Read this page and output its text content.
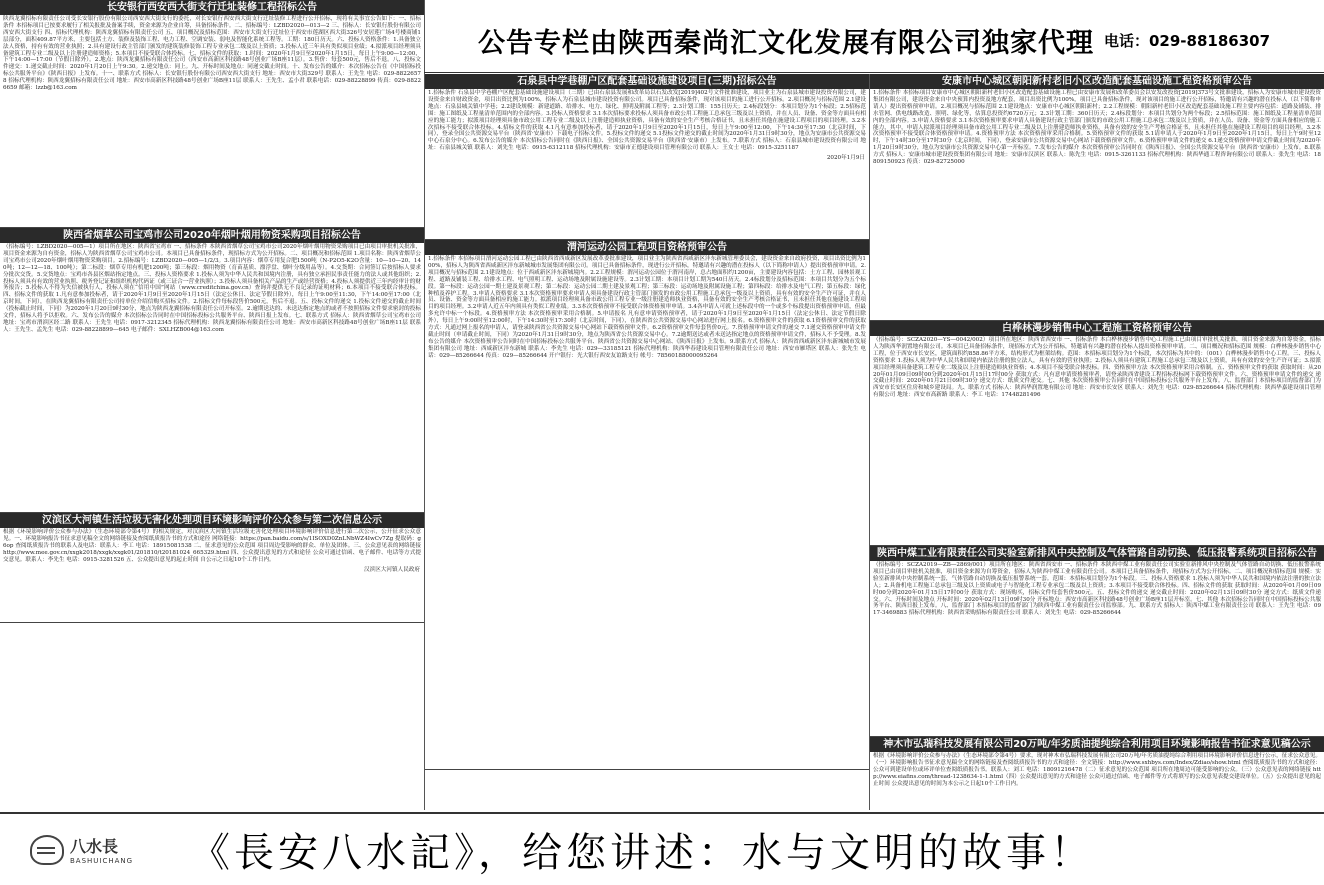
长安银行西安西大街支行迁址装修工程招标公告
陕西龙翼招标有限责任公司受长安银行股份有限公司西安西大街支行的委托，对长安银行西安西大街支行迁址装修工程进行公开招标，现将有关事宜公告如下：一、招标条件 本招标项目已按要求履行了相关报批及备案手续，资金来源为企业自筹，具备招标条件。二、招标编号：LZBD2020—013—2 三、招标人：长安银行股份有限公司西安西大街支行 四、招标代理机构：陕西龙翼招标有限责任公司 五、项目概况及招标范围：西安市大街支行迁址位于西安市莲湖区西大街326号安居莲广场4号楼商铺1层部分，面积409.87平方米，主要包括土方、装修及装饰工程、电力工程、空调安装、弱电及智能化系统工程等。工期：180日历天。六、投标人资格条件：1.具备独立法人资格，持有有效的营业执照；2.具有建设行政主管部门颁发的建筑装修装饰工程专业承包二级及以上资质；3.投标人近三年具有类似项目业绩；4.拟派项目经理须具备建筑工程专业二级及以上注册建造师资格；5.本项目不接受联合体投标。七、招标文件的获取：1.时间：2020年1月9日至2020年1月15日，每日上午9:00—12:00，下午14:00—17:00（节假日除外）。2.地点：陕西龙翼招标有限责任公司（西安市高新区科技路48号创业广场B座11层）。3.售价：每套500元，售后不退。八、投标文件递交：1.递交截止时间：2020年1月20日上午9:30。2.递交地点：同上。九、开标时间及地点：同递交截止时间。十、发布公告的媒介：本次招标公告在《中国招标投标公共服务平台》《陕西日报》上发布。十一、联系方式 招标人：长安银行股份有限公司西安西大街支行 地址：西安市大街329号 联系人：王先生 电话：029-88226578 招标代理机构：陕西龙翼招标有限责任公司 地址：西安市高新区科技路48号创业广场B座11层 联系人：王先生、孟小君 联系电话：029-88228899 传真：029-88226659 邮箱：lzzb@163.com
陕西省烟草公司宝鸡市公司2020年烟叶烟用物资采购项目招标公告
（招标编号：LZBD2020—005—1）项目所在地区：陕西省宝鸡市 一、招标条件 本陕西省烟草公司宝鸡市公司2020年烟叶烟用物资采购项目已由项目审批机关批准，项目资金来源为自有资金，招标人为陕西省烟草公司宝鸡市公司。本项目已具备招标条件，现招标方式为公开招标。二、项目概况和招标范围 1.项目名称：陕西省烟草公司宝鸡市公司2020年烟叶烟用物资采购项目。2.招标编号：LZBD2020—005—1/2/3。3.项目内容：烟草专用复合肥1500吨（N-P2O5-K2O含量：10—10—20、140吨；12—12—18、100吨）；第二标段：烟草专用有机肥1200吨；第三标段：烟用物资（育苗基质、漂浮盘、烟叶分级用品等）。4.交货期：合同签订后按招标人要求分批次交货。5.交货地点：宝鸡市各县区烟站指定地点。三、投标人资格要求 1.投标人须为中华人民共和国境内注册，具有独立承担民事责任能力的法人或其他组织；2.投标人须具有有效的营业执照、税务登记证和组织机构代码证（或三证合一营业执照）；3.投标人须具备相关产品的生产或经营资格；4.投标人须提供近三年内经审计的财务报告；5.投标人不得为失信被执行人，投标人须在“信用中国”网站（www.creditchina.gov.cn）查询并提供无不良记录的证明材料；6.本项目不接受联合体投标。四、招标文件的获取 1.凡有意参加投标者，请于2020年1月9日至2020年1月15日（法定公休日、法定节假日除外），每日上午9:00至11:30，下午14:00至17:00（北京时间，下同），在陕西龙翼招标有限责任公司持单位介绍信购买招标文件。2.招标文件每标段售价500元，售后不退。五、投标文件的递交 1.投标文件递交的截止时间（投标截止时间，下同）为2020年1月20日9时30分，地点为陕西龙翼招标有限责任公司开标室。2.逾期送达的、未送达指定地点的或者不按照招标文件要求密封的投标文件，招标人将予以拒收。六、发布公告的媒介 本次招标公告同时在中国招标投标公共服务平台、陕西日报上发布。七、联系方式 招标人：陕西省烟草公司宝鸡市公司 地址：宝鸡市渭滨区经二路 联系人：王先生 电话：0917-3212345 招标代理机构：陕西龙翼招标有限责任公司 地址：西安市高新区科技路48号创业广场B座11层 联系人：王先生、孟先生 电话：029-88228899—645 电子邮件：SXLHZB004@163.com
汉滨区大河镇生活垃圾无害化处理项目环境影响评价公众参与第二次信息公示
根据《环境影响评价公众参与办法》（生态环境部令第4号）的相关规定，对汉滨区大河镇生活垃圾无害化处理项目环境影响评价信息进行第二次公示，公开征求公众意见。一、环境影响报告书征求意见稿全文的网络链接及查阅纸质报告书的方式和途径 网络链接：https://pan.baidu.com/s/1ISOXD0ZnLNbWZ4IwCv7Zg 提取码：g6op 查阅纸质报告书的联系人及电话：联系人：李工 电话：18915081538 二、征求意见的公众范围 项目周边受影响的群众、单位及团体。三、公众意见表的网络链接 http://www.mee.gov.cn/xxgk2018/xxgk/xxgk01/201810/t20181024_665329.html 四、公众提出意见的方式和途径 公众可通过信函、电子邮件、电话等方式提交意见。联系人：李先生 电话：0915-3281526 五、公众提出意见的起止时间 自公示之日起10个工作日内。
汉滨区大河镇人民政府
公告专栏由陕西秦尚汇文化发展有限公司独家代理 电话：029-88186307
石泉县中学巷棚户区配套基础设施建设项目(三期)招标公告
1.招标条件 石泉县中学巷棚户区配套基础设施建设项目（三期）已由石泉县发展和改革局以石发改发[2019]402号文件批准建设，项目业主为石泉县城市建设投资有限公司，建设资金来自财政资金，项目出资比例为100%，招标人为石泉县城市建设投资有限公司。项目已具备招标条件，现对该项目的施工进行公开招标。2.项目概况与招标范围 2.1建设地点：石泉县城关镇中学巷；2.2建设规模：新建道路、给排水、电力、绿化、照明及附属工程等；2.3计划工期：155日历天；2.4标段划分：本项目划分为1个标段；2.5招标范围：施工图纸及工程量清单范围内的全部内容。3.投标人资格要求 3.1本次招标要求投标人须具备市政公用工程施工总承包三级及以上资质，并在人员、设备、资金等方面具有相应的施工能力；拟派项目经理须具备市政公用工程专业二级及以上注册建造师执业资格，具备有效的安全生产考核合格证书，且未担任其他在施建设工程项目的项目经理。3.2本次招标不接受联合体投标。4.招标文件的获取 4.1凡有意参加投标者，请于2020年1月9日至2020年1月15日，每日上午9:00至12:00，下午14:30至17:30（北京时间，下同），登录全国公共资源交易平台（陕西省·安康市）下载电子招标文件。5.投标文件的递交 5.1投标文件递交的截止时间为2020年1月31日9时30分，地点为安康市公共资源交易中心石泉分中心。6.发布公告的媒介 本次招标公告同时在《陕西日报》、全国公共资源交易平台（陕西省·安康市）上发布。7.联系方式 招标人：石泉县城市建设投资有限公司 地址：石泉县城关镇 联系人：刘先生 电话：0915-6312118 招标代理机构：安康市正德建设项目管理有限公司 联系人：王女士 电话：0915-3251187
2020年1月9日
渭河运动公园工程项目资格预审公告
1.招标条件 本招标项目渭河运动公园工程已由陕西省西咸新区发展改革委批准建设，项目业主为陕西省西咸新区沣东新城管理委员会，建设资金来自政府投资，项目出资比例为100%，招标人为陕西省西咸新区沣东新城城市发展集团有限公司。项目已具备招标条件，现进行公开招标，特邀请有兴趣的潜在投标人（以下简称申请人）提出资格预审申请。2.项目概况与招标范围 2.1建设地点：位于西咸新区沣东新城境内。2.2工程规模：渭河运动公园位于渭河南岸，总占地面积约1200亩，主要建设内容包括：土方工程、园林景观工程、道路及铺装工程、给排水工程、电气照明工程、运动场地及附属设施建设等。2.3计划工期：本项目计划工期为540日历天。2.4标段划分及招标范围：本项目共划分为五个标段。第一标段：运动公园一期土建及景观工程；第二标段：运动公园二期土建及景观工程；第三标段：运动场地及附属设施工程；第四标段：给排水及电气工程；第五标段：绿化种植及养护工程。3.申请人资格要求 3.1本次资格预审要求申请人须具备建设行政主管部门颁发的市政公用工程施工总承包一级及以上资质，具有有效的安全生产许可证，并在人员、设备、资金等方面具备相应的施工能力。拟派项目经理须具备市政公用工程专业一级注册建造师执业资格，具备有效的安全生产考核合格证书，且未担任其他在施建设工程项目的项目经理。3.2申请人近五年内须具有类似工程业绩。3.3本次资格预审不接受联合体资格预审申请。3.4各申请人可就上述标段中的一个或多个标段提出资格预审申请，但最多允许中标一个标段。4.资格预审方法 本次资格预审采用合格制。5.申请报名 凡有意申请资格预审者，请于2020年1月9日至2020年1月15日（法定公休日、法定节假日除外），每日上午9:00时至12:00时，下午14:30时至17:30时（北京时间，下同），在陕西省公共资源交易中心网站进行网上报名。6.资格预审文件的获取 6.1资格预审文件的获取方式：凡通过网上报名的申请人，请登录陕西省公共资源交易中心网站下载资格预审文件。6.2资格预审文件每套售价0元。7.资格预审申请文件的递交 7.1递交资格预审申请文件截止时间（申请截止时间，下同）为2020年1月31日9时30分，地点为陕西省公共资源交易中心。7.2逾期送达或者未送达指定地点的资格预审申请文件，招标人不予受理。8.发布公告的媒介 本次资格预审公告同时在中国招标投标公共服务平台、陕西省公共资源交易中心网站、《陕西日报》上发布。9.联系方式 招标人：陕西省西咸新区沣东新城城市发展集团有限公司 地址：西咸新区沣东新城 联系人：李先生 电话：029—33185121 招标代理机构：陕西华春建设项目管理有限责任公司 地址：西安市雁塔区 联系人：张先生 电话：029—85266644 传真：029—85266644 开户银行：光大银行西安友谊路支行 帐号：78560188000095264
安康市中心城区朝阳新村老旧小区改造配套基础设施工程资格预审公告
1.招标条件 本招标项目安康市中心城区朝阳新村老旧小区改造配套基础设施工程已由安康市发展和改革委员会以安发改投资[2019]373号文批准建设，招标人为安康市城市建设投资集团有限公司，建设资金来自中央预算内投资及地方配套，项目出资比例为100%，项目已具备招标条件，现对该项目的施工进行公开招标，特邀请有兴趣的潜在投标人（以下简称申请人）提出资格预审申请。2.项目概况与招标范围 2.1建设地点：安康市中心城区朝阳新村；2.2工程规模：朝阳新村老旧小区改造配套基础设施工程主要内容包括：道路及铺装、排水管网、供电线路改造、照明、绿化等，估算总投资约6720万元；2.3计划工期：360日历天；2.4标段划分：本项目共划分为两个标段；2.5招标范围：施工图纸及工程量清单范围内的全部内容。3.申请人资格要求 3.1本次资格预审要求申请人具备建设行政主管部门颁发的市政公用工程施工总承包二级及以上资质，并在人员、设备、资金等方面具备相应的施工能力，其中，申请人拟派项目经理须具备市政公用工程专业二级及以上注册建造师执业资格，具备有效的安全生产考核合格证书，且未担任其他在施建设工程项目的项目经理。3.2本次资格预审不接受联合体资格预审申请。4.资格预审方法 本次资格预审采用合格制。5.资格预审文件的获取 5.1请申请人于2020年1月9日至2020年1月15日，每日上午9时至12时，下午14时30分至17时30分（北京时间，下同），登录安康市公共资源交易中心网站下载资格预审文件。6.资格预审申请文件的递交 6.1递交资格预审申请文件截止时间为2020年1月20日9时30分，地点为安康市公共资源交易中心第一开标室。7.发布公告的媒介 本次资格预审公告同时在《陕西日报》、全国公共资源交易平台（陕西省·安康市）上发布。8.联系方式 招标人：安康市城市建设投资集团有限公司 地址：安康市汉滨区 联系人：陈先生 电话：0915-3261133 招标代理机构：陕西华通工程咨询有限公司 联系人：张先生 电话：18809150923 传真：029-82725000
白桦林漫步销售中心工程施工资格预审公告
（招标编号：SCZA2020—YS—0042/002）项目所在地区：陕西省西安市 一、招标条件 本白桦林漫步销售中心工程施工已由项目审批机关批准，项目资金来源为自筹资金，招标人为陕西华润置地有限公司。本项目已具备招标条件，现招标方式为公开招标，特邀请有兴趣的潜在投标人提出资格预审申请。二、项目概况和招标范围 规模：白桦林漫步销售中心工程，位于西安市长安区，建筑面积约858.86平方米，结构形式为框架结构。范围：本招标项目划分为1个标段，本次招标为其中的：（001）白桦林漫步销售中心工程。三、投标人资格要求 1.投标人须为中华人民共和国境内依法注册的独立法人，具有有效的营业执照；2.投标人须具有建筑工程施工总承包三级及以上资质，具有有效的安全生产许可证；3.拟派项目经理须具备建筑工程专业二级及以上注册建造师执业资格；4.本项目不接受联合体投标。四、资格预审方法 本次资格预审采用合格制。五、资格预审文件的获取 获取时间：从2020年01月09日09时00分到2020年01月15日17时00分 获取方式：凡有意申请资格预审者，请登录陕西省建设工程招标投标网下载资格预审文件。六、资格预审申请文件的递交 递交截止时间：2020年01月21日09时30分 递交方式：纸质文件递交。七、其他 本次资格预审公告同时在中国招标投标公共服务平台上发布。八、监督部门 本招标项目的监督部门为西安市长安区住房和城乡建设局。九、联系方式 招标人：陕西华润置地有限公司 地址：西安市长安区 联系人：刘先生 电话：029-85266644 招标代理机构：陕西华嘉建设项目管理有限公司 地址：西安市高新路 联系人：李工 电话：17448281496
陕西中煤工业有限责任公司实验室新排风中央控制及气体管路自动切换、低压报警系统项目招标公告
（招标编号：SCZA2019—ZB—2869/001）项目所在地区：陕西省西安市 一、招标条件 本陕西中煤工业有限责任公司实验室新排风中央控制及气体管路自动切换、低压报警系统项目已由项目审批机关批准，项目资金来源为自筹资金，招标人为陕西中煤工业有限责任公司。本项目已具备招标条件，现招标方式为公开招标。二、项目概况和招标范围 规模：实验室新排风中央控制系统一套，气体管路自动切换及低压报警系统一套。范围：本招标项目划分为1个标段。三、投标人资格要求 1.投标人须为中华人民共和国境内依法注册的独立法人；2.具备机电工程施工总承包三级及以上资质或电子与智能化工程专业承包二级及以上资质；3.本项目不接受联合体投标。四、招标文件的获取 获取时间：从2020年01月09日09时00分到2020年01月15日17时00分 获取方式：现场购买，招标文件每套售价500元。五、投标文件的递交 递交截止时间：2020年02月13日09时30分 递交方式：纸质文件递交。六、开标时间及地点 开标时间：2020年02月13日09时30分 开标地点：西安市高新区科技路48号创业广场B座11层开标室。七、其他 本次招标公告同时在中国招标投标公共服务平台、陕西日报上发布。八、监督部门 本招标项目的监督部门为陕西中煤工业有限责任公司监察部。九、联系方式 招标人：陕西中煤工业有限责任公司 联系人：王先生 电话：0917-3469883 招标代理机构：陕西省采购招标有限责任公司 联系人：刘先生 电话：029-85266644
神木市弘瑞科技发展有限公司20万吨/年劣质油提纯综合利用项目环境影响报告书征求意见稿公示
根据《环境影响评价公众参与办法》（生态环境部令第4号）要求，现对神木市弘瑞科技发展有限公司20万吨/年劣质油提纯综合利用项目环境影响评价信息进行公示，征求公众意见。（一）环境影响报告书征求意见稿全文的网络链接及查阅纸质报告书的方式和途径：全文链接：http://www.sxhbys.com/Index/Zdiao/show.html 查阅纸质报告书的方式和途径：公众可到建设单位或环评单位查阅纸质报告书。联系人：刘工 电话：18091216478（二）征求意见的公众范围 项目所在地周边可能受影响的公众。（三）公众意见表的网络链接 http://www.eiafins.com/thread-1238634-1-1.html（四）公众提出意见的方式和途径 公众可通过信函、电子邮件等方式将填写的公众意见表提交建设单位。（五）公众提出意见的起止时间 公众提出意见的时间为本公示之日起10个工作日内。
八水長
BASHUICHANG 《長安八水記》，给您讲述：水与文明的故事！
